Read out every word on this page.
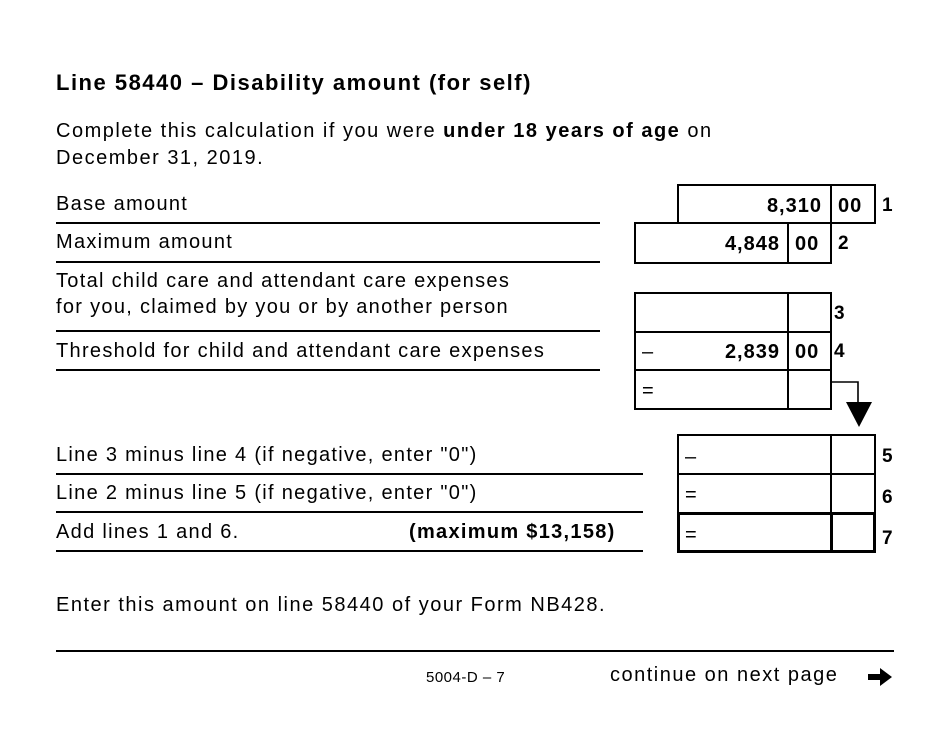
Line 58440 – Disability amount (for self)
Complete this calculation if you were under 18 years of age on December 31, 2019.
Base amount	8,310 00 1
Maximum amount	4,848 00 2
Total child care and attendant care expenses
for you, claimed by you or by another person	3
Threshold for child and attendant care expenses	–	2,839 00 4
=
Line 3 minus line 4 (if negative, enter "0")	–	5
Line 2 minus line 5 (if negative, enter "0")	=	6
Add lines 1 and 6.	(maximum $13,158)	=	7
Enter this amount on line 58440 of your Form NB428.
5004-D – 7	continue on next page
